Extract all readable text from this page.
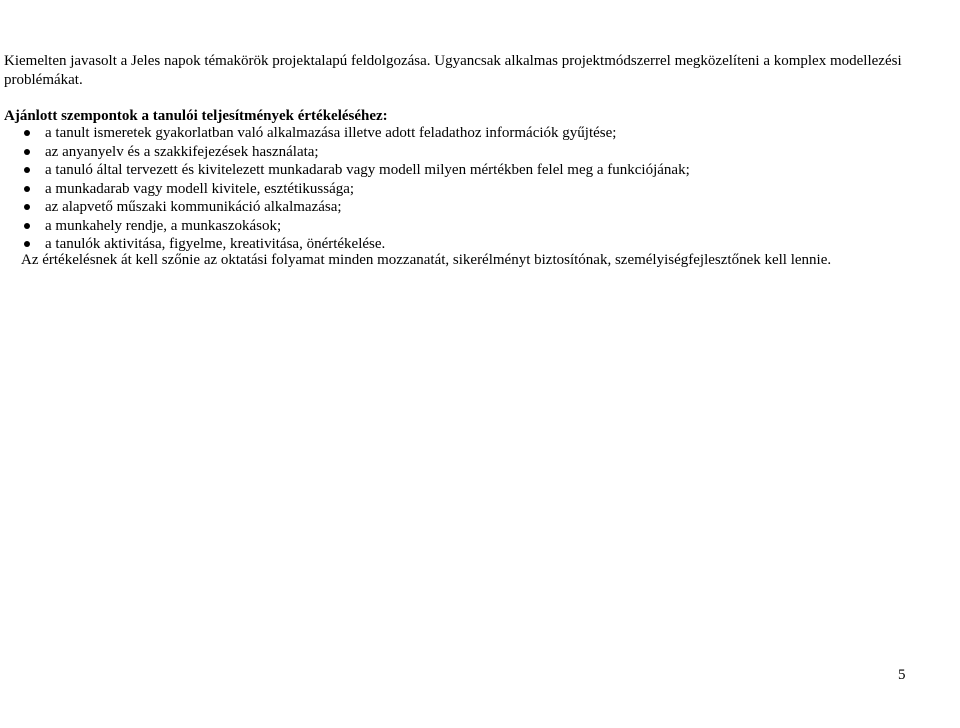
Kiemelten javasolt a Jeles napok témakörök projektalapú feldolgozása. Ugyancsak alkalmas projektmódszerrel megközelíteni a komplex modellezési problémákat.

Ajánlott szempontok a tanulói teljesítmények értékeléséhez:

a tanult ismeretek gyakorlatban való alkalmazása illetve adott feladathoz információk gyűjtése;
az anyanyelv és a szakkifejezések használata;
a tanuló által tervezett és kivitelezett munkadarab vagy modell milyen mértékben felel meg a funkciójának;
a munkadarab vagy modell kivitele, esztétikussága;
az alapvető műszaki kommunikáció alkalmazása;
a munkahely rendje, a munkaszokások;
a tanulók aktivitása, figyelme, kreativitása, önértékelése.

Az értékelésnek át kell szőnie az oktatási folyamat minden mozzanatát, sikerélményt biztosítónak, személyiségfejlesztőnek kell lennie.

5
